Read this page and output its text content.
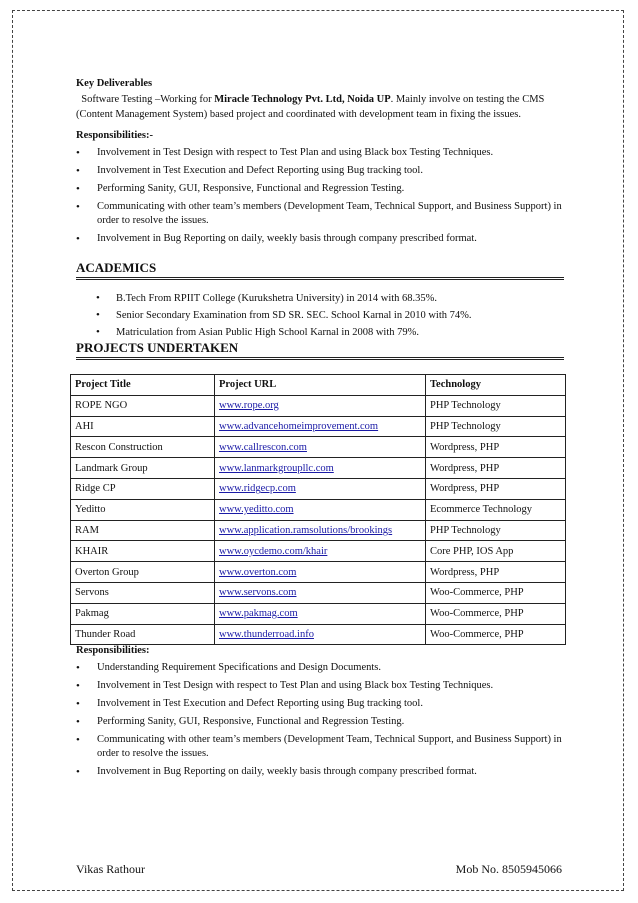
Key Deliverables
Software Testing –Working for Miracle Technology Pvt. Ltd, Noida UP. Mainly involve on testing the CMS (Content Management System) based project and coordinated with development team in fixing the issues.
Responsibilities:-
• Involvement in Test Design with respect to Test Plan and using Black box Testing Techniques.
• Involvement in Test Execution and Defect Reporting using Bug tracking tool.
• Performing Sanity, GUI, Responsive, Functional and Regression Testing.
• Communicating with other team’s members (Development Team, Technical Support, and Business Support) in order to resolve the issues.
• Involvement in Bug Reporting on daily, weekly basis through company prescribed format.
ACADEMICS
• B.Tech From RPIIT College (Kurukshetra University) in 2014 with 68.35%.
• Senior Secondary Examination from SD SR. SEC. School Karnal in 2010 with 74%.
• Matriculation from Asian Public High School Karnal in 2008 with 79%.
PROJECTS UNDERTAKEN
Project Title	Project URL	Technology
ROPE NGO	www.rope.org	PHP Technology
AHI	www.advancehomeimprovement.com	PHP Technology
Rescon Construction	www.callrescon.com	Wordpress, PHP
Landmark Group	www.lanmarkgroupllc.com	Wordpress, PHP
Ridge CP	www.ridgecp.com	Wordpress, PHP
Yeditto	www.yeditto.com	Ecommerce Technology
RAM	www.application.ramsolutions/brookings	PHP Technology
KHAIR	www.oycdemo.com/khair	Core PHP, IOS App
Overton Group	www.overton.com	Wordpress, PHP
Servons	www.servons.com	Woo-Commerce, PHP
Pakmag	www.pakmag.com	Woo-Commerce, PHP
Thunder Road	www.thunderroad.info	Woo-Commerce, PHP
Responsibilities:
• Understanding Requirement Specifications and Design Documents.
• Involvement in Test Design with respect to Test Plan and using Black box Testing Techniques.
• Involvement in Test Execution and Defect Reporting using Bug tracking tool.
• Performing Sanity, GUI, Responsive, Functional and Regression Testing.
• Communicating with other team’s members (Development Team, Technical Support, and Business Support) in order to resolve the issues.
• Involvement in Bug Reporting on daily, weekly basis through company prescribed format.
Vikas Rathour	Mob No. 8505945066
